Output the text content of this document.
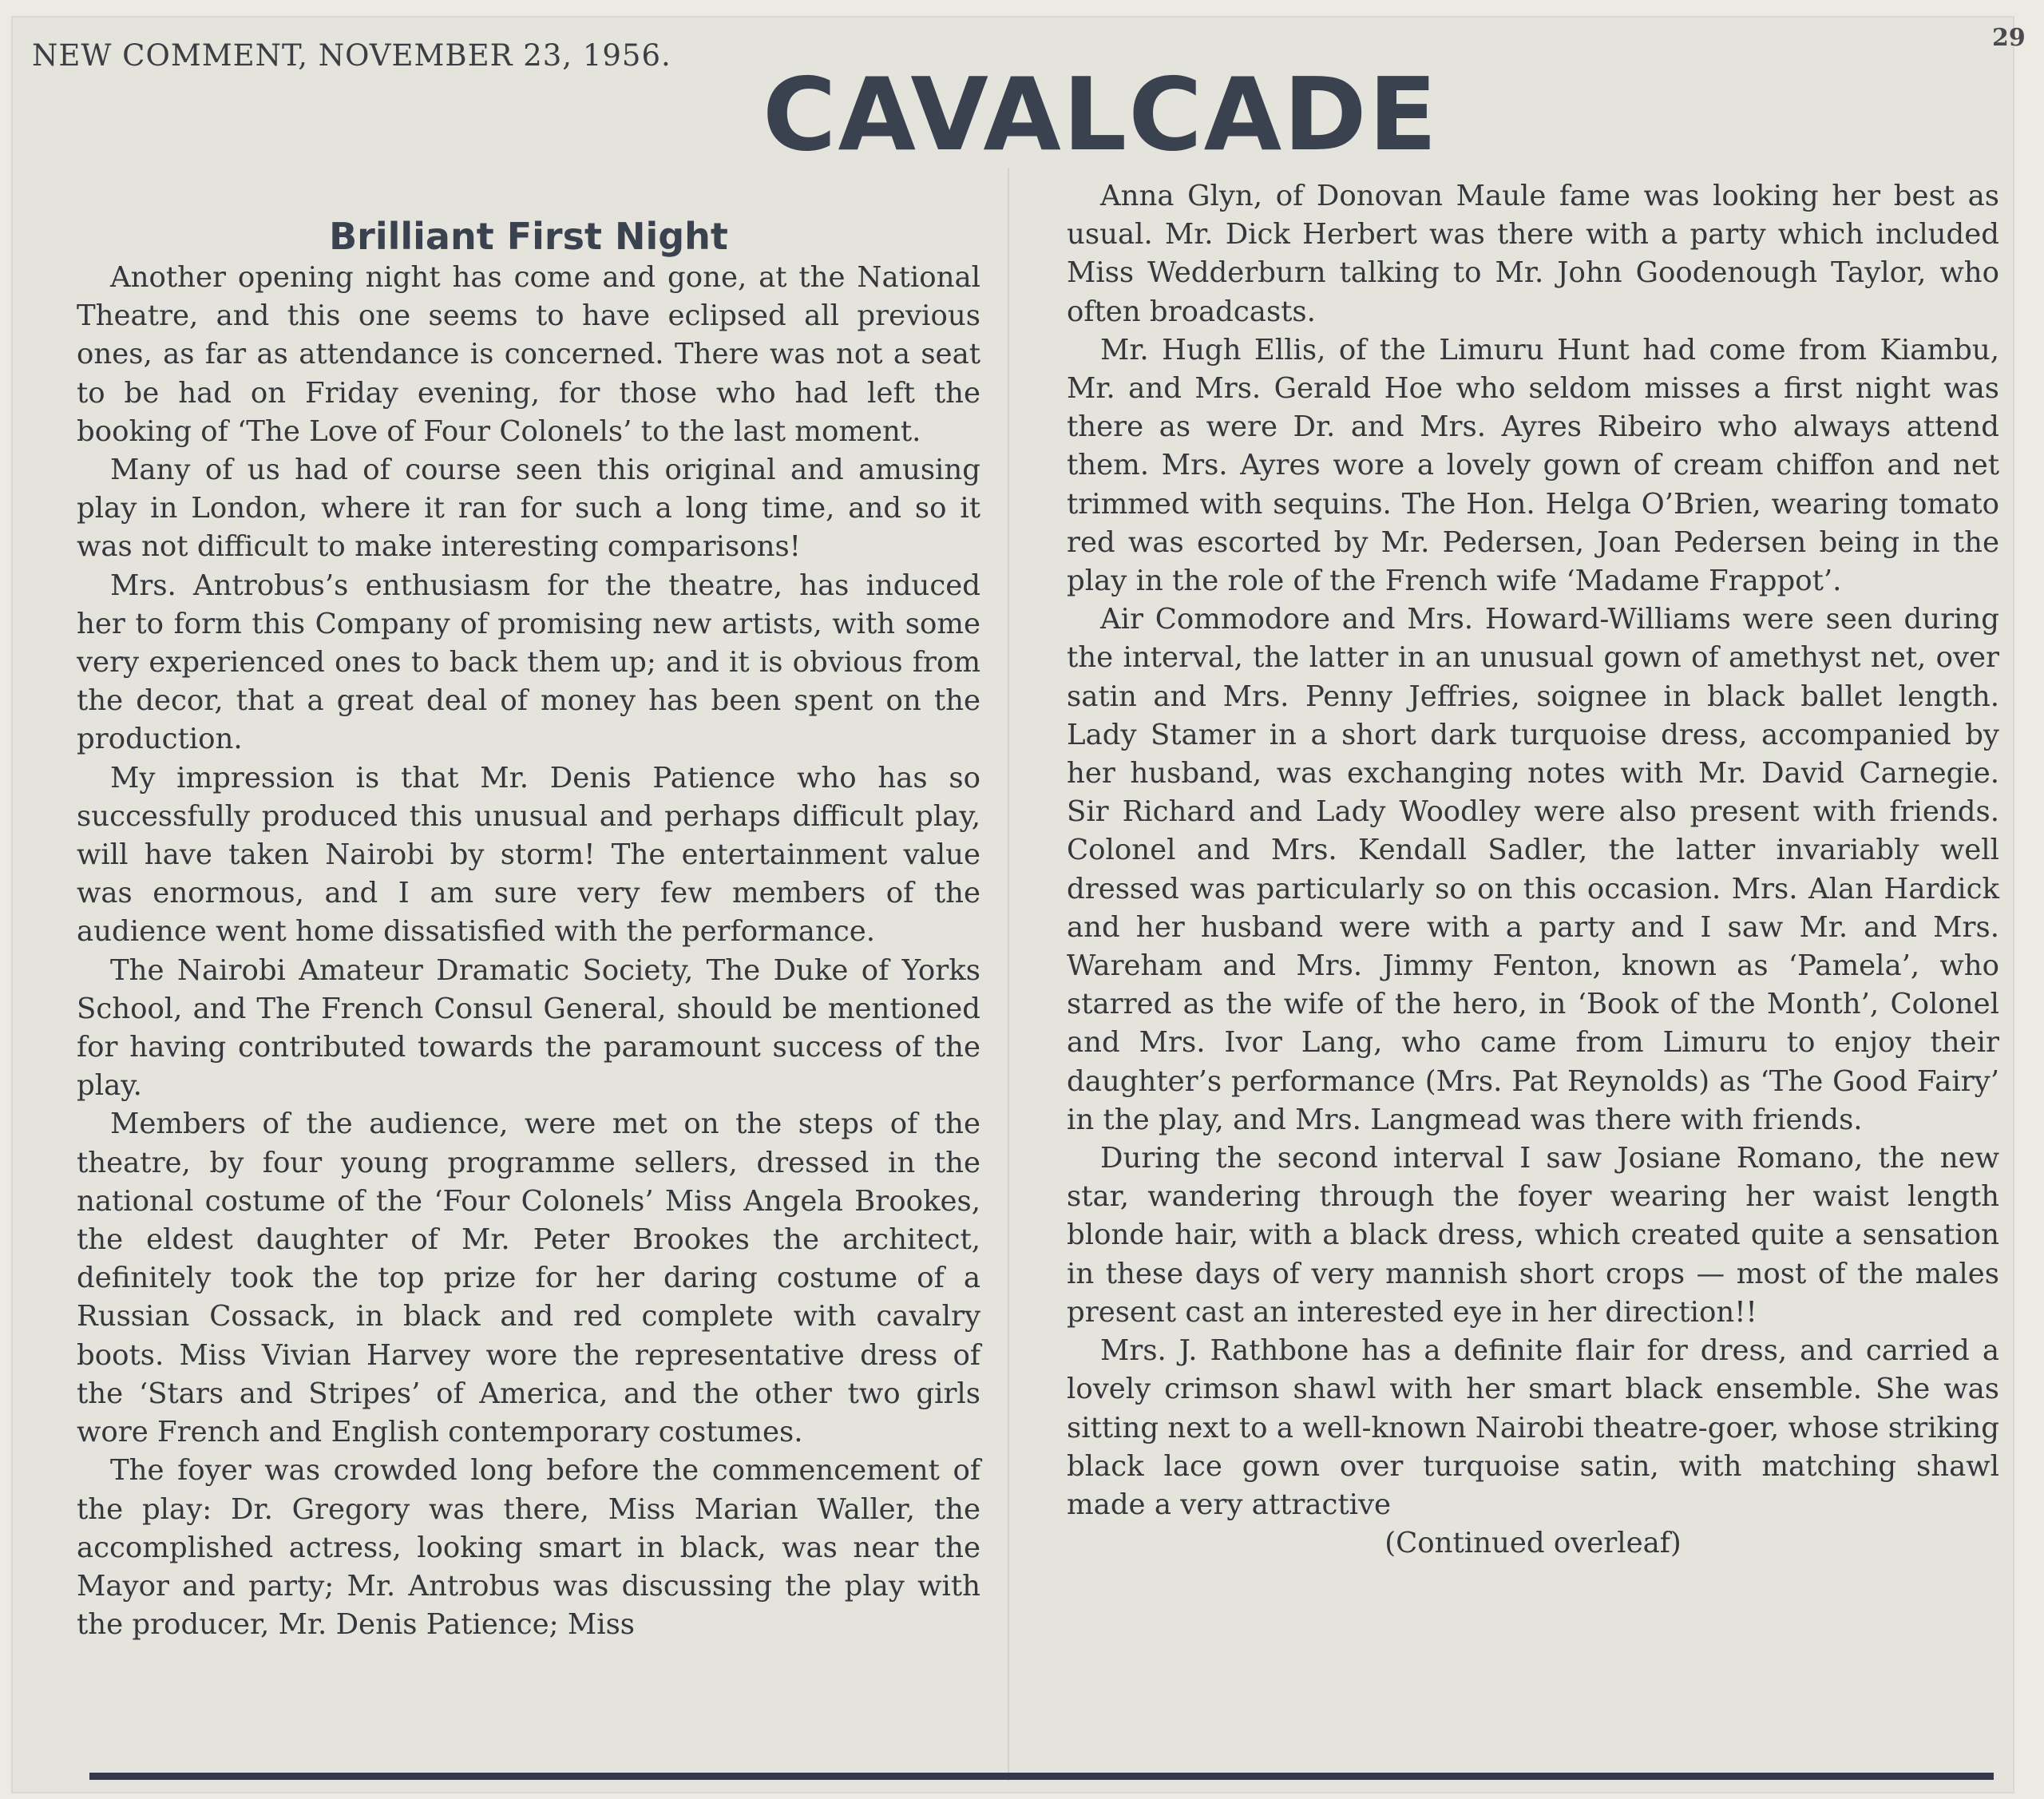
NEW COMMENT, NOVEMBER 23, 1956.
29
CAVALCADE
Brilliant First Night

Another opening night has come and gone, at the National Theatre, and this one seems to have eclipsed all previous ones, as far as attendance is concerned. There was not a seat to be had on Friday evening, for those who had left the booking of ‘The Love of Four Colonels’ to the last moment.

Many of us had of course seen this original and amusing play in London, where it ran for such a long time, and so it was not difficult to make interesting comparisons!

Mrs. Antrobus’s enthusiasm for the theatre, has induced her to form this Company of promising new artists, with some very experienced ones to back them up; and it is obvious from the decor, that a great deal of money has been spent on the production.

My impression is that Mr. Denis Patience who has so successfully produced this unusual and perhaps difficult play, will have taken Nairobi by storm! The entertainment value was enormous, and I am sure very few members of the audience went home dissatisfied with the performance.

The Nairobi Amateur Dramatic Society, The Duke of Yorks School, and The French Consul General, should be mentioned for having contributed towards the paramount success of the play.

Members of the audience, were met on the steps of the theatre, by four young programme sellers, dressed in the national costume of the ‘Four Colonels’ Miss Angela Brookes, the eldest daughter of Mr. Peter Brookes the architect, definitely took the top prize for her daring costume of a Russian Cossack, in black and red complete with cavalry boots. Miss Vivian Harvey wore the representative dress of the ‘Stars and Stripes’ of America, and the other two girls wore French and English contemporary costumes.

The foyer was crowded long before the commencement of the play: Dr. Gregory was there, Miss Marian Waller, the accomplished actress, looking smart in black, was near the Mayor and party; Mr. Antrobus was discussing the play with the producer, Mr. Denis Patience; Miss

Anna Glyn, of Donovan Maule fame was looking her best as usual. Mr. Dick Herbert was there with a party which included Miss Wedderburn talking to Mr. John Goodenough Taylor, who often broadcasts.

Mr. Hugh Ellis, of the Limuru Hunt had come from Kiambu, Mr. and Mrs. Gerald Hoe who seldom misses a first night was there as were Dr. and Mrs. Ayres Ribeiro who always attend them. Mrs. Ayres wore a lovely gown of cream chiffon and net trimmed with sequins. The Hon. Helga O’Brien, wearing tomato red was escorted by Mr. Pedersen, Joan Pedersen being in the play in the role of the French wife ‘Madame Frappot’.

Air Commodore and Mrs. Howard-Williams were seen during the interval, the latter in an unusual gown of amethyst net, over satin and Mrs. Penny Jeffries, soignee in black ballet length. Lady Stamer in a short dark turquoise dress, accompanied by her husband, was exchanging notes with Mr. David Carnegie. Sir Richard and Lady Woodley were also present with friends. Colonel and Mrs. Kendall Sadler, the latter invariably well dressed was particularly so on this occasion. Mrs. Alan Hardick and her husband were with a party and I saw Mr. and Mrs. Wareham and Mrs. Jimmy Fenton, known as ‘Pamela’, who starred as the wife of the hero, in ‘Book of the Month’, Colonel and Mrs. Ivor Lang, who came from Limuru to enjoy their daughter’s performance (Mrs. Pat Reynolds) as ‘The Good Fairy’ in the play, and Mrs. Langmead was there with friends.

During the second interval I saw Josiane Romano, the new star, wandering through the foyer wearing her waist length blonde hair, with a black dress, which created quite a sensation in these days of very mannish short crops — most of the males present cast an interested eye in her direction!!

Mrs. J. Rathbone has a definite flair for dress, and carried a lovely crimson shawl with her smart black ensemble. She was sitting next to a well-known Nairobi theatre-goer, whose striking black lace gown over turquoise satin, with matching shawl made a very attractive

(Continued overleaf)
